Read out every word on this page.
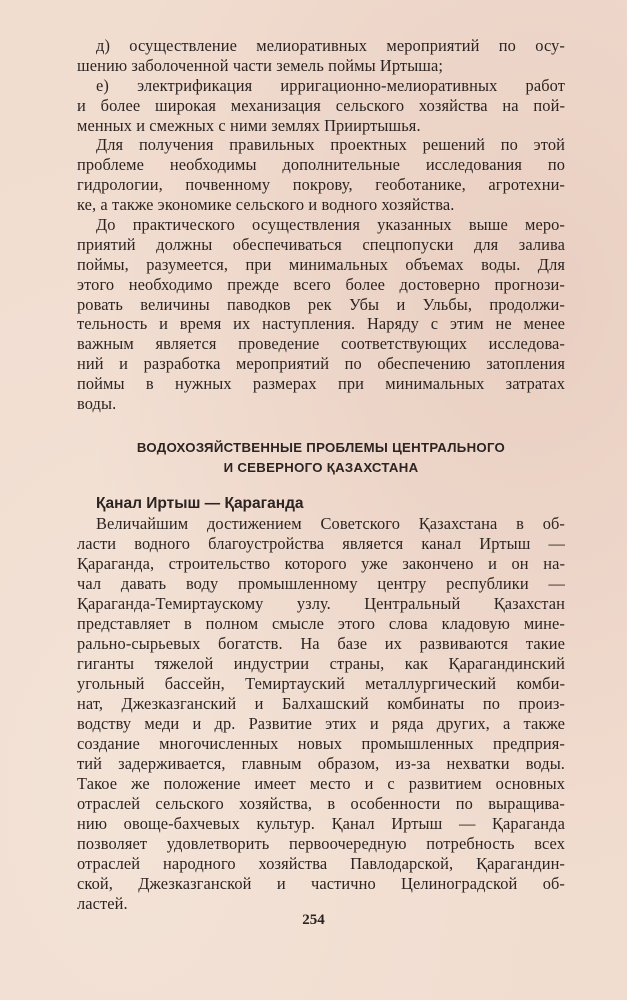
д) осуществление мелиоративных мероприятий по осу-
шению заболоченной части земель поймы Иртыша;
е) электрификация ирригационно-мелиоративных работ
и более широкая механизация сельского хозяйства на пой-
менных и смежных с ними землях Прииртышья.
Для получения правильных проектных решений по этой
проблеме необходимы дополнительные исследования по
гидрологии, почвенному покрову, геоботанике, агротехни-
ке, а также экономике сельского и водного хозяйства.
До практического осуществления указанных выше меро-
приятий должны обеспечиваться спецпопуски для залива
поймы, разумеется, при минимальных объемах воды. Для
этого необходимо прежде всего более достоверно прогнози-
ровать величины паводков рек Убы и Ульбы, продолжи-
тельность и время их наступления. Наряду с этим не менее
важным является проведение соответствующих исследова-
ний и разработка мероприятий по обеспечению затопления
поймы в нужных размерах при минимальных затратах
воды.
ВОДОХОЗЯЙСТВЕННЫЕ ПРОБЛЕМЫ ЦЕНТРАЛЬНОГО
И СЕВЕРНОГО ҚАЗАХСТАНА
Қанал Иртыш — Қараганда
Величайшим достижением Советского Қазахстана в об-
ласти водного благоустройства является канал Иртыш —
Қараганда, строительство которого уже закончено и он на-
чал давать воду промышленному центру республики —
Қараганда-Темиртаускому узлу. Центральный Қазахстан
представляет в полном смысле этого слова кладовую мине-
рально-сырьевых богатств. На базе их развиваются такие
гиганты тяжелой индустрии страны, как Қарагандинский
угольный бассейн, Темиртауский металлургический комби-
нат, Джезказганский и Балхашский комбинаты по произ-
водству меди и др. Развитие этих и ряда других, а также
создание многочисленных новых промышленных предприя-
тий задерживается, главным образом, из-за нехватки воды.
Такое же положение имеет место и с развитием основных
отраслей сельского хозяйства, в особенности по выращива-
нию овоще-бахчевых культур. Қанал Иртыш — Қараганда
позволяет удовлетворить первоочередную потребность всех
отраслей народного хозяйства Павлодарской, Қарагандин-
ской, Джезказганской и частично Целиноградской об-
ластей.
254
